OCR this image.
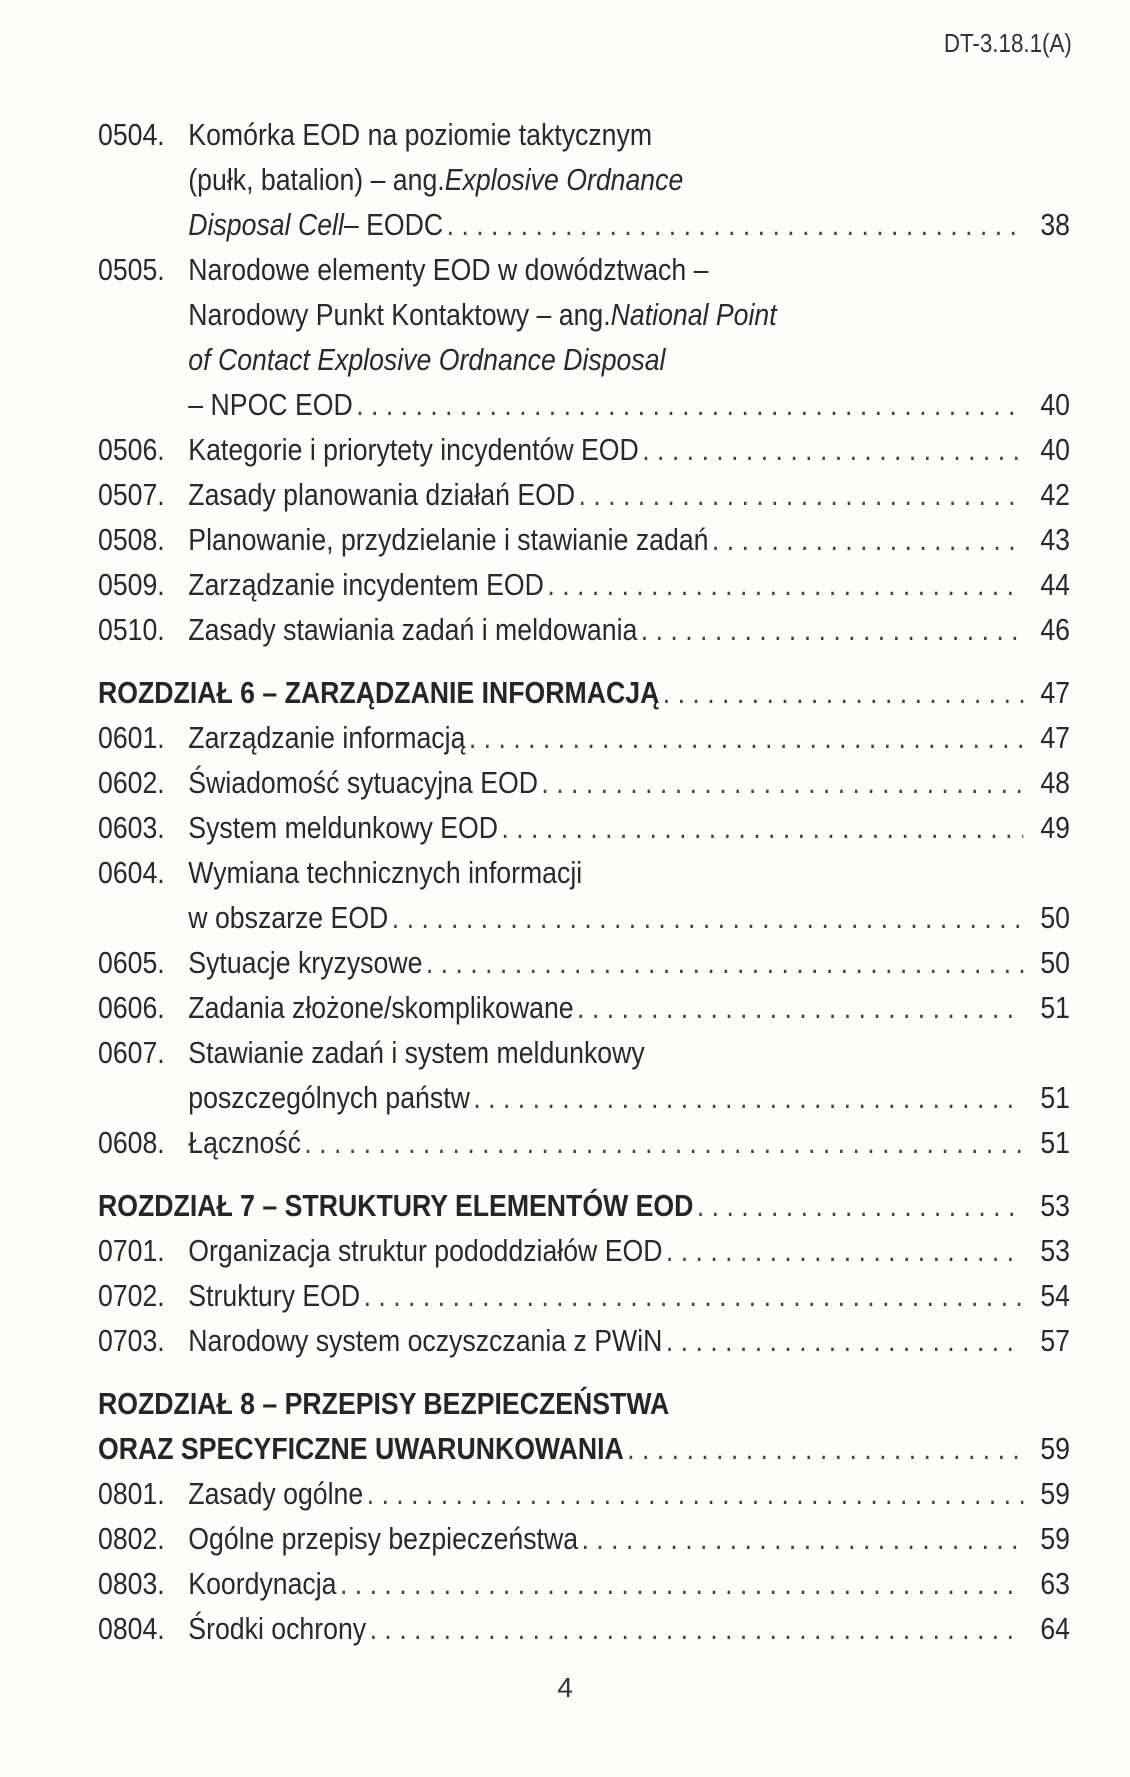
DT-3.18.1(A)
0504. Komórka EOD na poziomie taktycznym
(pułk, batalion) – ang. Explosive Ordnance
Disposal Cell – EODC . . .	38
0505. Narodowe elementy EOD w dowództwach –
Narodowy Punkt Kontaktowy – ang. National Point
of Contact Explosive Ordnance Disposal
– NPOC EOD . . .	40
0506. Kategorie i priorytety incydentów EOD . . .	40
0507. Zasady planowania działań EOD . . .	42
0508. Planowanie, przydzielanie i stawianie zadań . . .	43
0509. Zarządzanie incydentem EOD . . .	44
0510. Zasady stawiania zadań i meldowania . . .	46
ROZDZIAŁ 6 – ZARZĄDZANIE INFORMACJĄ . . .	47
0601. Zarządzanie informacją . . .	47
0602. Świadomość sytuacyjna EOD . . .	48
0603. System meldunkowy EOD . . .	49
0604. Wymiana technicznych informacji
w obszarze EOD . . .	50
0605. Sytuacje kryzysowe . . .	50
0606. Zadania złożone/skomplikowane . . .	51
0607. Stawianie zadań i system meldunkowy
poszczególnych państw . . .	51
0608. Łączność . . .	51
ROZDZIAŁ 7 – STRUKTURY ELEMENTÓW EOD . . .	53
0701. Organizacja struktur pododdziałów EOD . . .	53
0702. Struktury EOD . . .	54
0703. Narodowy system oczyszczania z PWiN . . .	57
ROZDZIAŁ 8 – PRZEPISY BEZPIECZEŃSTWA
ORAZ SPECYFICZNE UWARUNKOWANIA . . .	59
0801. Zasady ogólne . . .	59
0802. Ogólne przepisy bezpieczeństwa . . .	59
0803. Koordynacja . . .	63
0804. Środki ochrony . . .	64
4
